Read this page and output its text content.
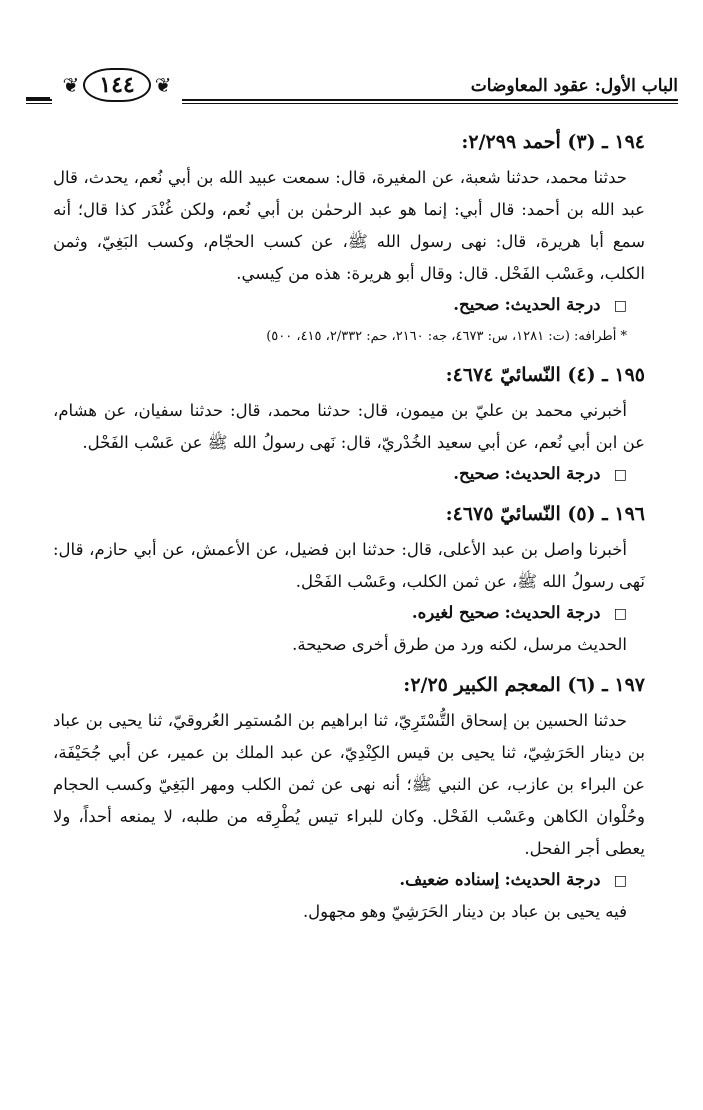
الباب الأول: عقود المعاوضات
❦
١٤٤
❦
١٩٤ ـ (٣) أحمد ٢/٢٩٩:

حدثنا محمد، حدثنا شعبة، عن المغيرة، قال: سمعت عبيد الله بن أبي نُعم، يحدث، قال عبد الله بن أحمد: قال أبي: إنما هو عبد الرحمٰن بن أبي نُعم، ولكن غُنْدَر كذا قال؛ أنه سمع أبا هريرة، قال: نهى رسول الله ﷺ، عن كسب الحجّام، وكسب البَغِيّ، وثمن الكلب، وعَسْب الفَحْل. قال: وقال أبو هريرة: هذه من كِيسي.

□ درجة الحديث: صحيح.

* أطرافه: (ت: ١٢٨١، س: ٤٦٧٣، جه: ٢١٦٠، حم: ٢/٣٣٢، ٤١٥، ٥٠٠)

١٩٥ ـ (٤) النّسائيّ ٤٦٧٤:

أخبرني محمد بن عليّ بن ميمون، قال: حدثنا محمد، قال: حدثنا سفيان، عن هشام، عن ابن أبي نُعم، عن أبي سعيد الخُدْريّ، قال: نَهى رسولُ الله ﷺ عن عَسْب الفَحْل.

□ درجة الحديث: صحيح.

١٩٦ ـ (٥) النّسائيّ ٤٦٧٥:

أخبرنا واصل بن عبد الأعلى، قال: حدثنا ابن فضيل، عن الأعمش، عن أبي حازم، قال: نَهى رسولُ الله ﷺ، عن ثمن الكلب، وعَسْب الفَحْل.

□ درجة الحديث: صحيح لغيره.

الحديث مرسل، لكنه ورد من طرق أخرى صحيحة.

١٩٧ ـ (٦) المعجم الكبير ٢/٢٥:

حدثنا الحسين بن إسحاق التُّسْتَرِيّ، ثنا ابراهيم بن المُستمِر العُروقيّ، ثنا يحيى بن عباد بن دينار الحَرَشِيّ، ثنا يحيى بن قيس الكِنْدِيّ، عن عبد الملك بن عمير، عن أبي جُحَيْفَة، عن البراء بن عازب، عن النبي ﷺ؛ أنه نهى عن ثمن الكلب ومهر البَغِيّ وكسب الحجام وحُلْوان الكاهن وعَسْب الفَحْل. وكان للبراء تيس يُطْرِقه من طلبه، لا يمنعه أحداً، ولا يعطى أجر الفحل.

□ درجة الحديث: إسناده ضعيف.

فيه يحيى بن عباد بن دينار الحَرَشِيّ وهو مجهول.
